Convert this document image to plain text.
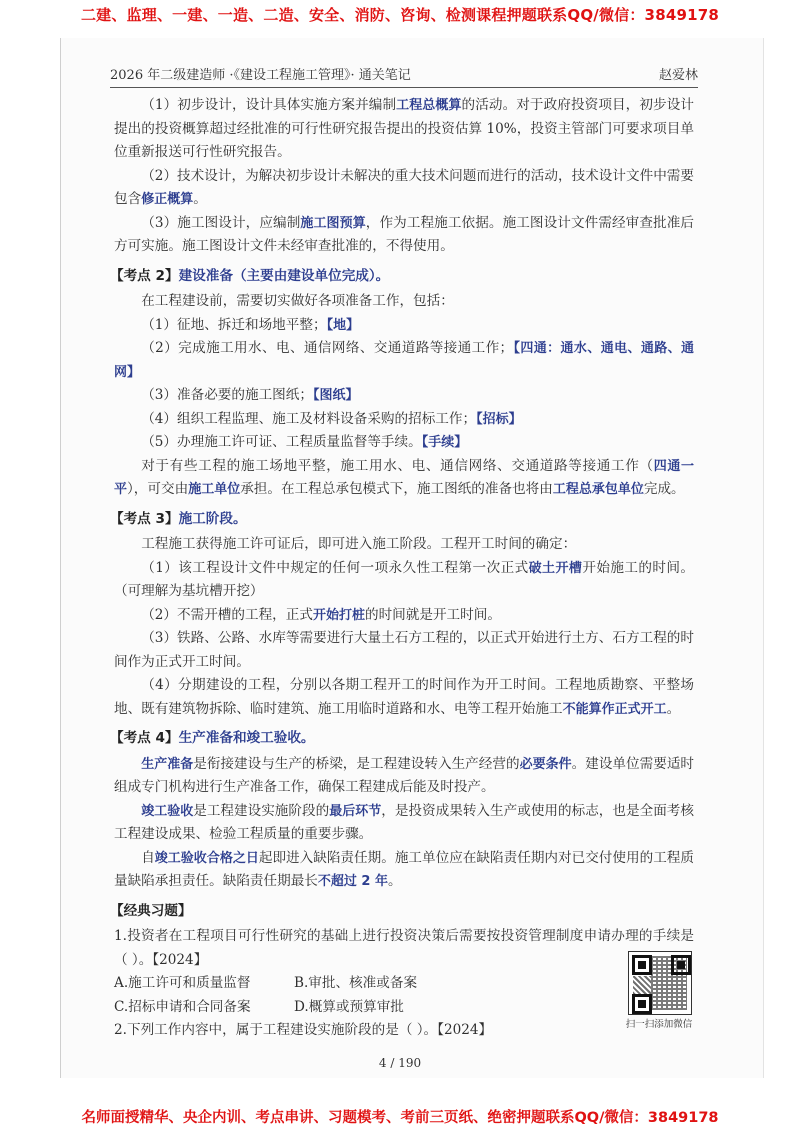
二建、监理、一建、一造、二造、安全、消防、咨询、检测课程押题联系QQ/微信：3849178
2026 年二级建造师 ·《建设工程施工管理》· 通关笔记	赵爱林

（1）初步设计，设计具体实施方案并编制工程总概算的活动。对于政府投资项目，初步设计提出的投资概算超过经批准的可行性研究报告提出的投资估算 10%，投资主管部门可要求项目单位重新报送可行性研究报告。

（2）技术设计，为解决初步设计未解决的重大技术问题而进行的活动，技术设计文件中需要包含修正概算。

（3）施工图设计，应编制施工图预算，作为工程施工依据。施工图设计文件需经审查批准后方可实施。施工图设计文件未经审查批准的，不得使用。

【考点 2】建设准备（主要由建设单位完成）。

在工程建设前，需要切实做好各项准备工作，包括：

（1）征地、拆迁和场地平整；【地】

（2）完成施工用水、电、通信网络、交通道路等接通工作；【四通：通水、通电、通路、通网】

（3）准备必要的施工图纸；【图纸】

（4）组织工程监理、施工及材料设备采购的招标工作；【招标】

（5）办理施工许可证、工程质量监督等手续。【手续】

对于有些工程的施工场地平整，施工用水、电、通信网络、交通道路等接通工作（四通一平），可交由施工单位承担。在工程总承包模式下，施工图纸的准备也将由工程总承包单位完成。

【考点 3】施工阶段。

工程施工获得施工许可证后，即可进入施工阶段。工程开工时间的确定：

（1）该工程设计文件中规定的任何一项永久性工程第一次正式破土开槽开始施工的时间。（可理解为基坑槽开挖）

（2）不需开槽的工程，正式开始打桩的时间就是开工时间。

（3）铁路、公路、水库等需要进行大量土石方工程的，以正式开始进行土方、石方工程的时间作为正式开工时间。

（4）分期建设的工程，分别以各期工程开工的时间作为开工时间。工程地质勘察、平整场地、既有建筑物拆除、临时建筑、施工用临时道路和水、电等工程开始施工不能算作正式开工。

【考点 4】生产准备和竣工验收。

生产准备是衔接建设与生产的桥梁，是工程建设转入生产经营的必要条件。建设单位需要适时组成专门机构进行生产准备工作，确保工程建成后能及时投产。

竣工验收是工程建设实施阶段的最后环节，是投资成果转入生产或使用的标志，也是全面考核工程建设成果、检验工程质量的重要步骤。

自竣工验收合格之日起即进入缺陷责任期。施工单位应在缺陷责任期内对已交付使用的工程质量缺陷承担责任。缺陷责任期最长不超过 2 年。

【经典习题】

1.投资者在工程项目可行性研究的基础上进行投资决策后需要按投资管理制度申请办理的手续是（ ）。【2024】

A.施工许可和质量监督	B.审批、核准或备案
C.招标申请和合同备案	D.概算或预算审批

2.下列工作内容中，属于工程建设实施阶段的是（ ）。【2024】	扫一扫添加微信
4 / 190
名师面授精华、央企内训、考点串讲、习题模考、考前三页纸、绝密押题联系QQ/微信：3849178
